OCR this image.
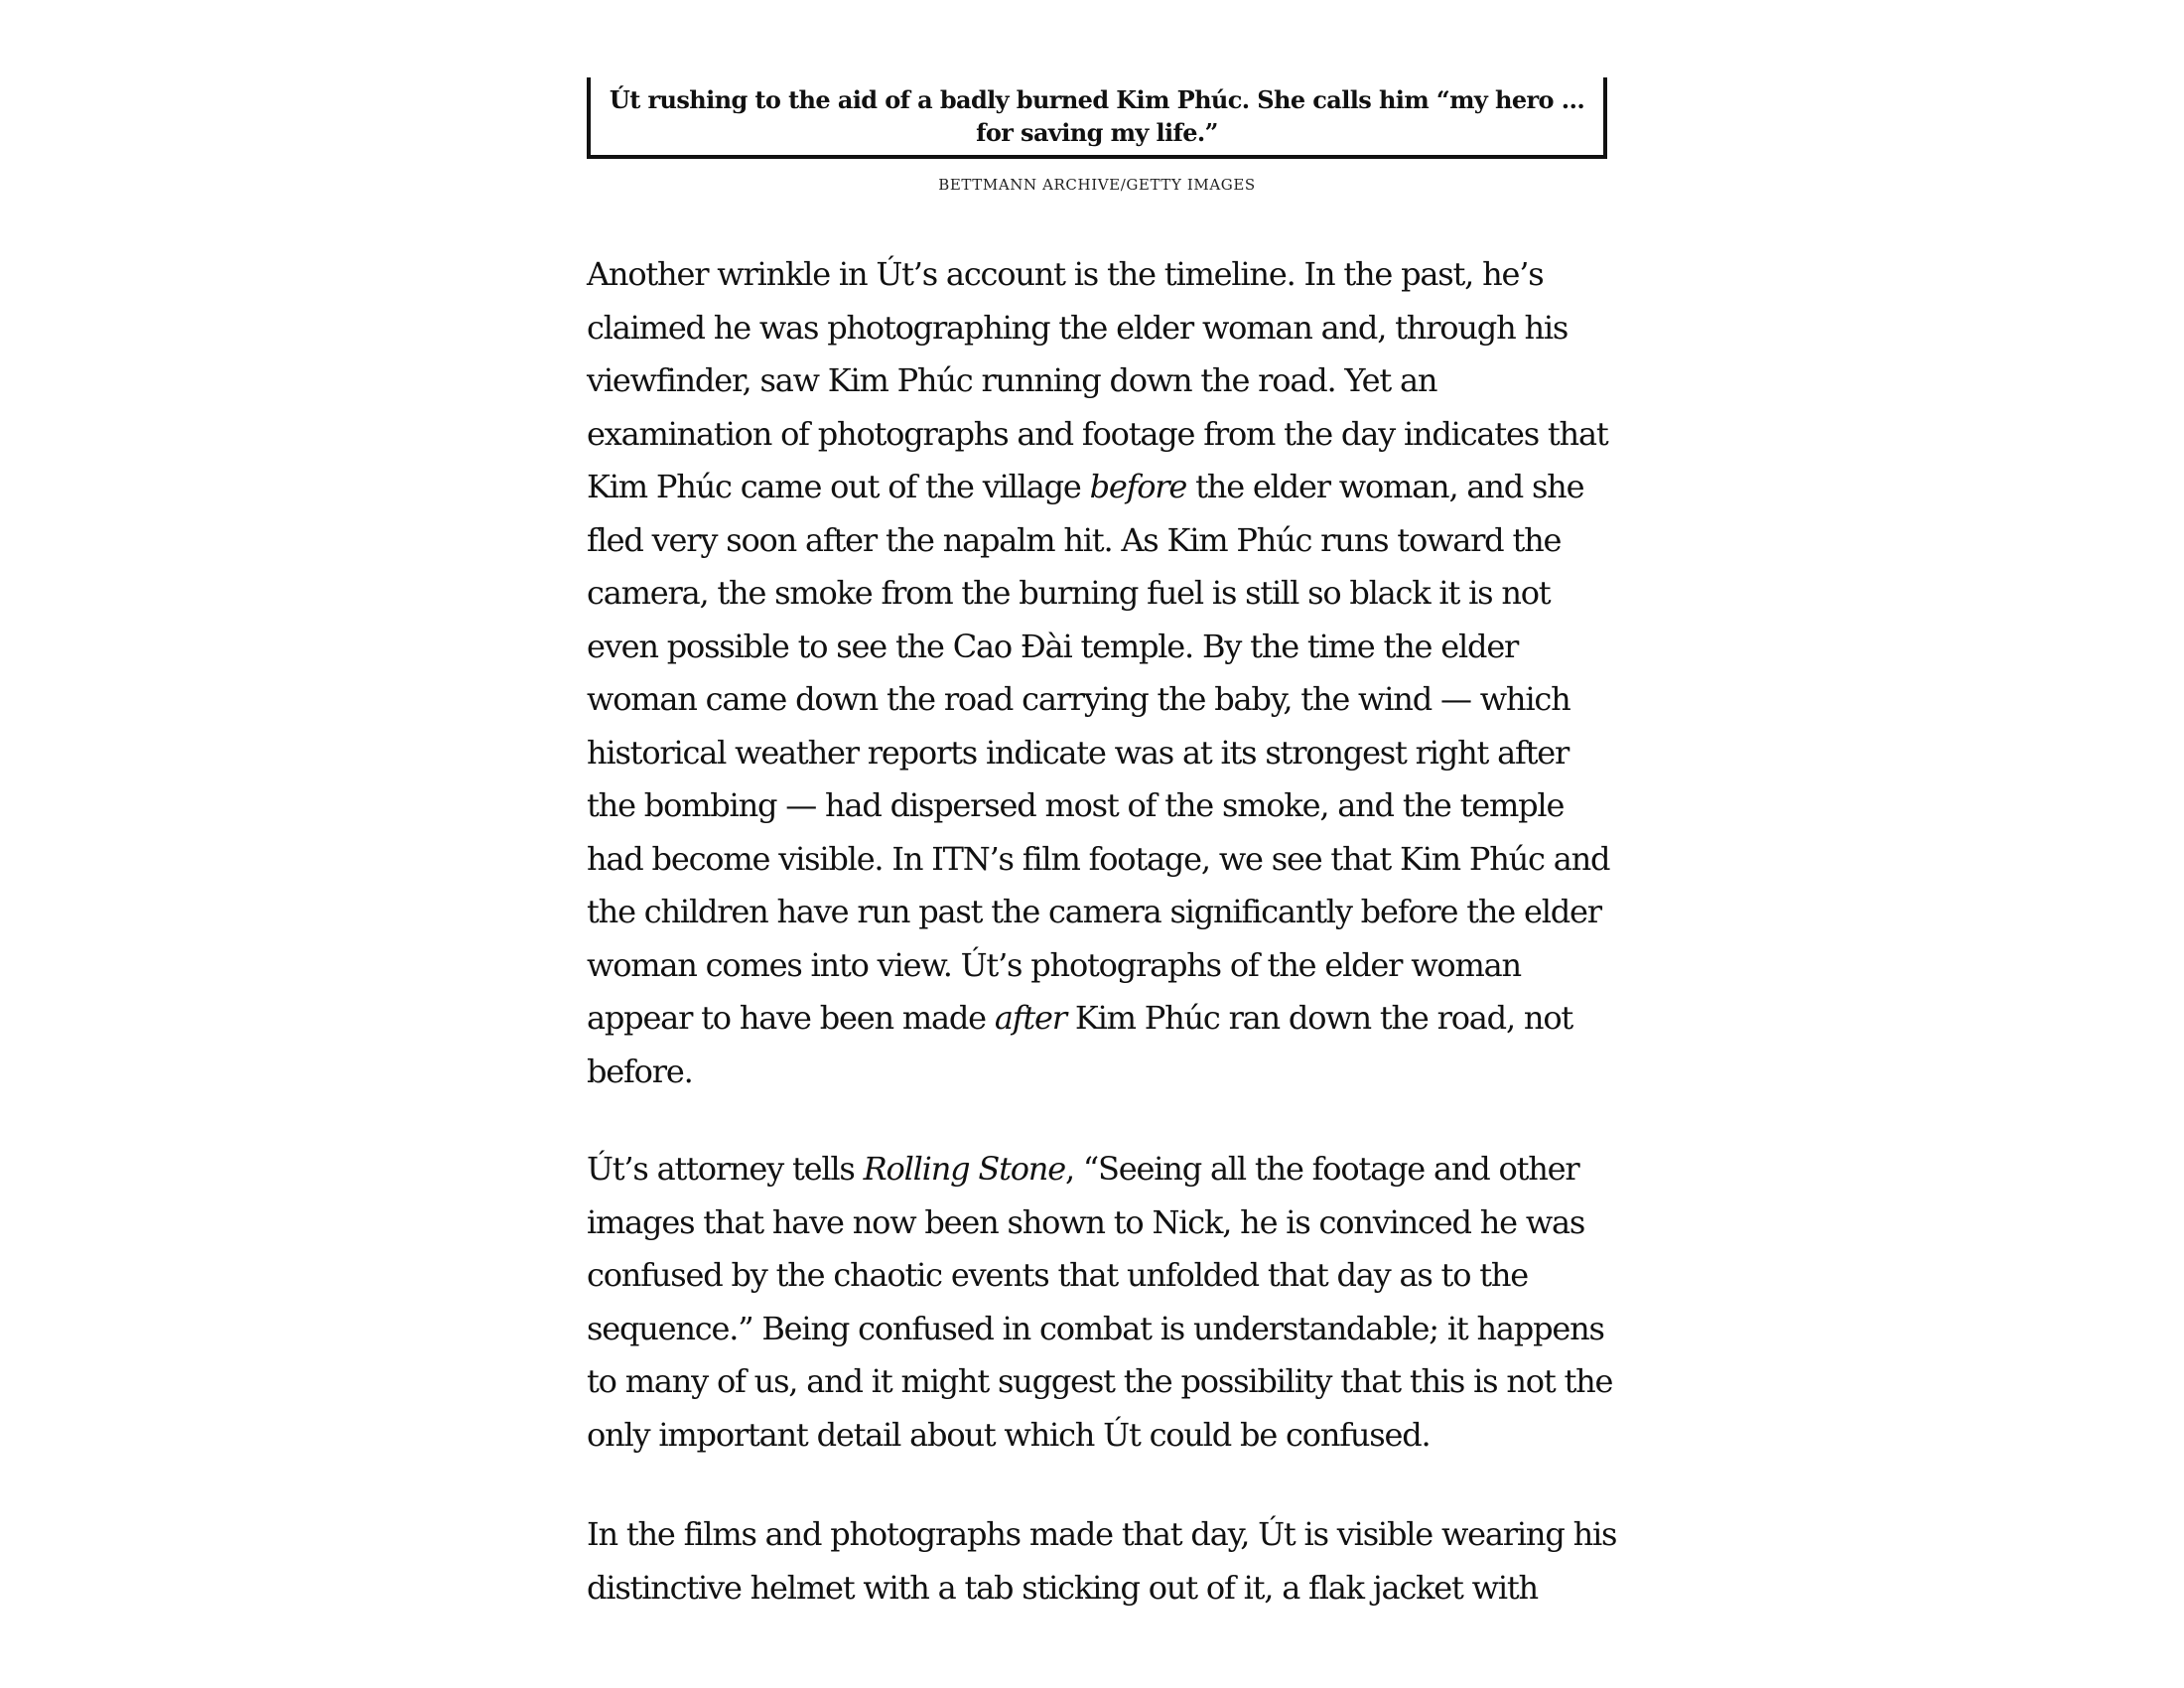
Út rushing to the aid of a badly burned Kim Phúc. She calls him “my hero … for saving my life.”
BETTMANN ARCHIVE/GETTY IMAGES
Another wrinkle in Út’s account is the timeline. In the past, he’s
claimed he was photographing the elder woman and, through his
viewfinder, saw Kim Phúc running down the road. Yet an
examination of photographs and footage from the day indicates that
Kim Phúc came out of the village before the elder woman, and she
fled very soon after the napalm hit. As Kim Phúc runs toward the
camera, the smoke from the burning fuel is still so black it is not
even possible to see the Cao Đài temple. By the time the elder
woman came down the road carrying the baby, the wind — which
historical weather reports indicate was at its strongest right after
the bombing — had dispersed most of the smoke, and the temple
had become visible. In ITN’s film footage, we see that Kim Phúc and
the children have run past the camera significantly before the elder
woman comes into view. Út’s photographs of the elder woman
appear to have been made after Kim Phúc ran down the road, not
before.
Út’s attorney tells Rolling Stone, “Seeing all the footage and other
images that have now been shown to Nick, he is convinced he was
confused by the chaotic events that unfolded that day as to the
sequence.” Being confused in combat is understandable; it happens
to many of us, and it might suggest the possibility that this is not the
only important detail about which Út could be confused.
In the films and photographs made that day, Út is visible wearing his
distinctive helmet with a tab sticking out of it, a flak jacket with
